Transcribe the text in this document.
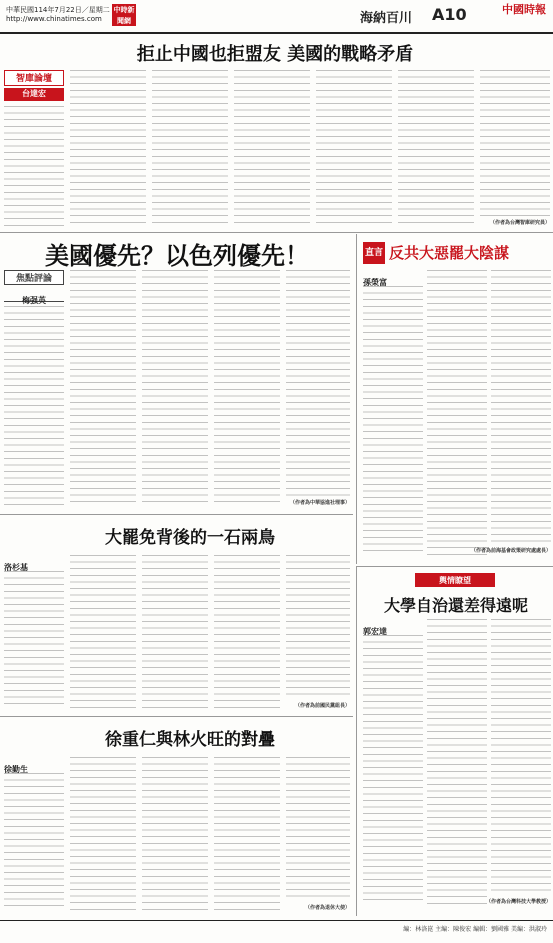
中華民國114年7月22日／星期二
http://www.chinatimes.com
中時新聞網	海納百川 A10	中國時報
拒止中國也拒盟友 美國的戰略矛盾
智庫論壇
台達宏
（作者為台灣智庫研究員）
美國優先？以色列優先！
焦點評論
梅强英
（作者為中華協進社理事）
直言 反共大惡罷大陰謀
孫榮富
（作者為前海基會政策研究處處長）
大罷免背後的一石兩鳥
洛杉基
（作者為前國民黨組長）
輿情瞭望
大學自治還差得遠呢
郭宏達
（作者為台灣科技大學教授）
徐重仁與林火旺的對疊
徐勤生
（作者為退休大使）
編：林洛崑 主編：陳俊宏 編輯：劉國雅 美編：洪淑玲
